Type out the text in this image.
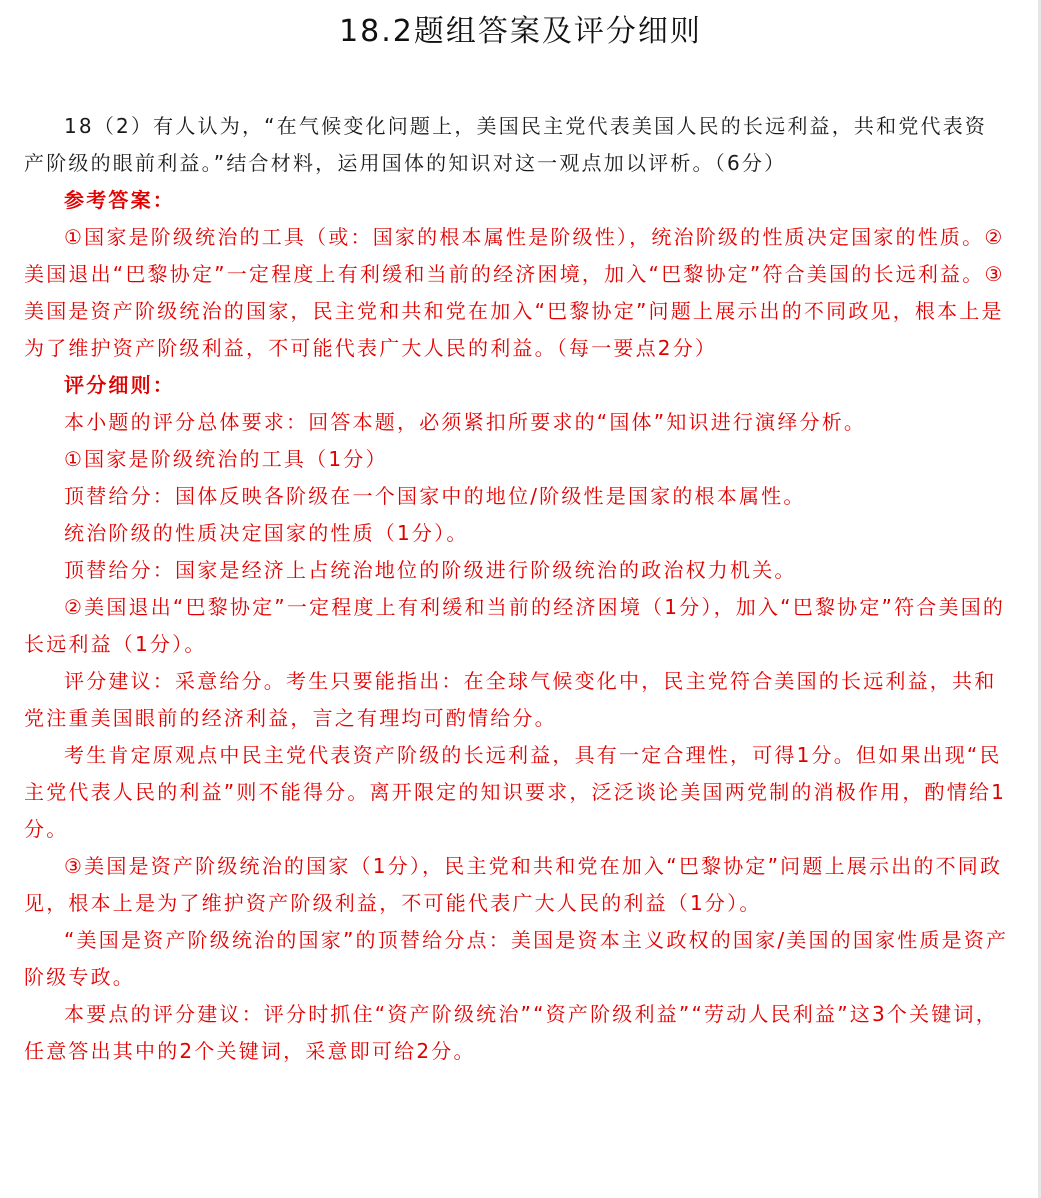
18.2题组答案及评分细则

18（2）有人认为，“在气候变化问题上，美国民主党代表美国人民的长远利益，共和党代表资产阶级的眼前利益。”结合材料，运用国体的知识对这一观点加以评析。（6分）

参考答案：

①国家是阶级统治的工具（或：国家的根本属性是阶级性），统治阶级的性质决定国家的性质。②美国退出“巴黎协定”一定程度上有利缓和当前的经济困境，加入“巴黎协定”符合美国的长远利益。③美国是资产阶级统治的国家，民主党和共和党在加入“巴黎协定”问题上展示出的不同政见，根本上是为了维护资产阶级利益，不可能代表广大人民的利益。（每一要点2分）

评分细则：

本小题的评分总体要求：回答本题，必须紧扣所要求的“国体”知识进行演绎分析。

①国家是阶级统治的工具（1分）

顶替给分：国体反映各阶级在一个国家中的地位/阶级性是国家的根本属性。

统治阶级的性质决定国家的性质（1分）。

顶替给分：国家是经济上占统治地位的阶级进行阶级统治的政治权力机关。

②美国退出“巴黎协定”一定程度上有利缓和当前的经济困境（1分），加入“巴黎协定”符合美国的长远利益（1分）。

评分建议：采意给分。考生只要能指出：在全球气候变化中，民主党符合美国的长远利益，共和党注重美国眼前的经济利益，言之有理均可酌情给分。

考生肯定原观点中民主党代表资产阶级的长远利益，具有一定合理性，可得1分。但如果出现“民主党代表人民的利益”则不能得分。离开限定的知识要求，泛泛谈论美国两党制的消极作用，酌情给1分。

③美国是资产阶级统治的国家（1分），民主党和共和党在加入“巴黎协定”问题上展示出的不同政见，根本上是为了维护资产阶级利益，不可能代表广大人民的利益（1分）。

“美国是资产阶级统治的国家”的顶替给分点：美国是资本主义政权的国家/美国的国家性质是资产阶级专政。

本要点的评分建议：评分时抓住“资产阶级统治”“资产阶级利益”“劳动人民利益”这3个关键词，任意答出其中的2个关键词，采意即可给2分。
